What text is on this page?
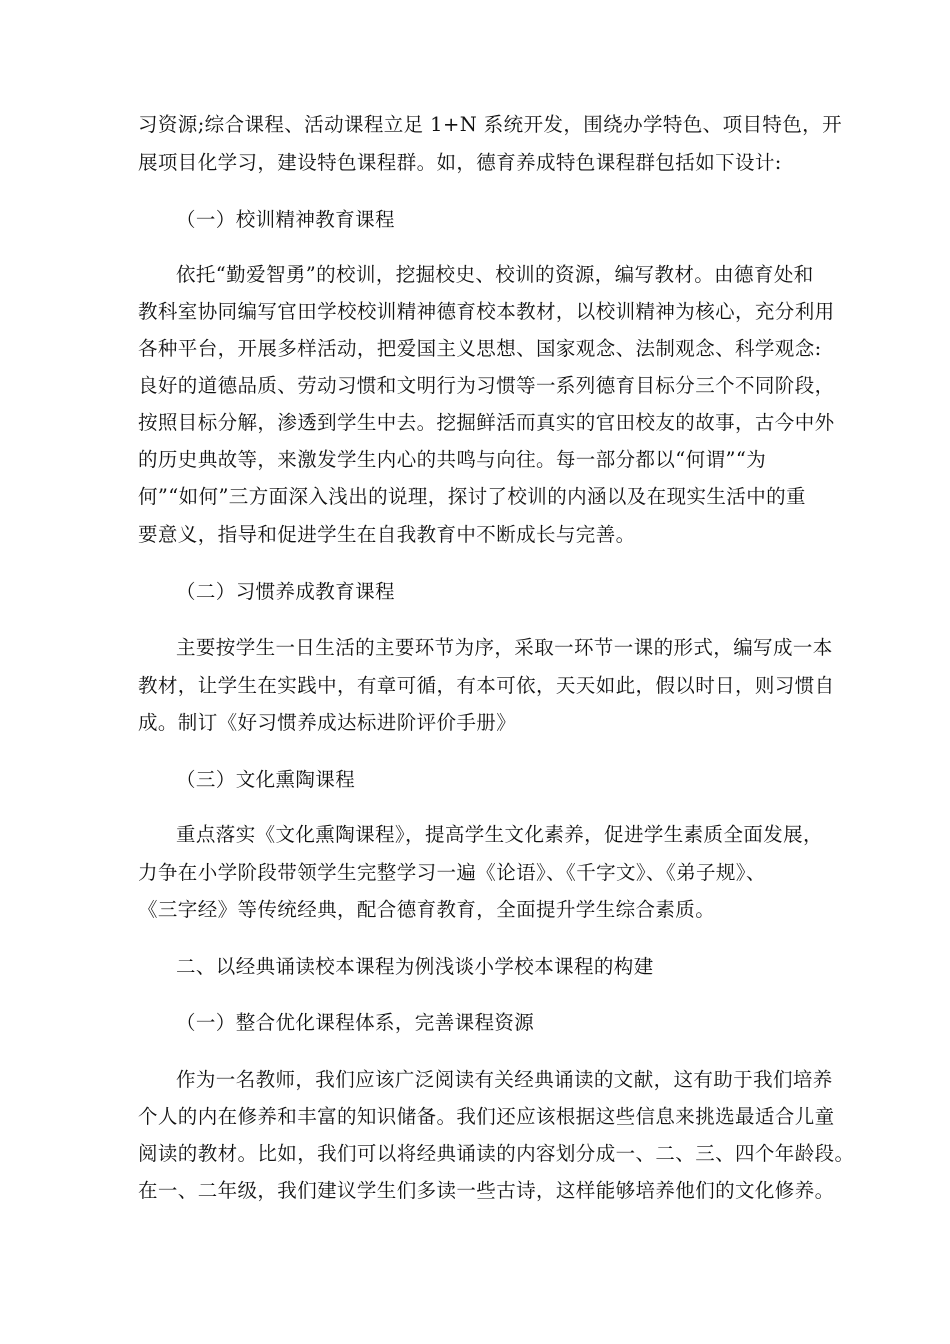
习资源;综合课程、活动课程立足 1+N 系统开发，围绕办学特色、项目特色，开

展项目化学习，建设特色课程群。如，德育养成特色课程群包括如下设计:

（一）校训精神教育课程

依托“勤爱智勇”的校训，挖掘校史、校训的资源，编写教材。由德育处和

教科室协同编写官田学校校训精神德育校本教材，以校训精神为核心，充分利用

各种平台，开展多样活动，把爱国主义思想、国家观念、法制观念、科学观念:

良好的道德品质、劳动习惯和文明行为习惯等一系列德育目标分三个不同阶段，

按照目标分解，渗透到学生中去。挖掘鲜活而真实的官田校友的故事，古今中外

的历史典故等，来激发学生内心的共鸣与向往。每一部分都以“何谓”“为

何”“如何”三方面深入浅出的说理，探讨了校训的内涵以及在现实生活中的重

要意义，指导和促进学生在自我教育中不断成长与完善。

（二）习惯养成教育课程

主要按学生一日生活的主要环节为序，采取一环节一课的形式，编写成一本

教材，让学生在实践中，有章可循，有本可依，天天如此，假以时日，则习惯自

成。制订《好习惯养成达标进阶评价手册》

（三）文化熏陶课程

重点落实《文化熏陶课程》，提高学生文化素养，促进学生素质全面发展，

力争在小学阶段带领学生完整学习一遍《论语》、《千字文》、《弟子规》、

《三字经》等传统经典，配合德育教育，全面提升学生综合素质。

二、以经典诵读校本课程为例浅谈小学校本课程的构建

（一）整合优化课程体系，完善课程资源

作为一名教师，我们应该广泛阅读有关经典诵读的文献，这有助于我们培养

个人的内在修养和丰富的知识储备。我们还应该根据这些信息来挑选最适合儿童

阅读的教材。比如，我们可以将经典诵读的内容划分成一、二、三、四个年龄段。

在一、二年级，我们建议学生们多读一些古诗，这样能够培养他们的文化修养。
